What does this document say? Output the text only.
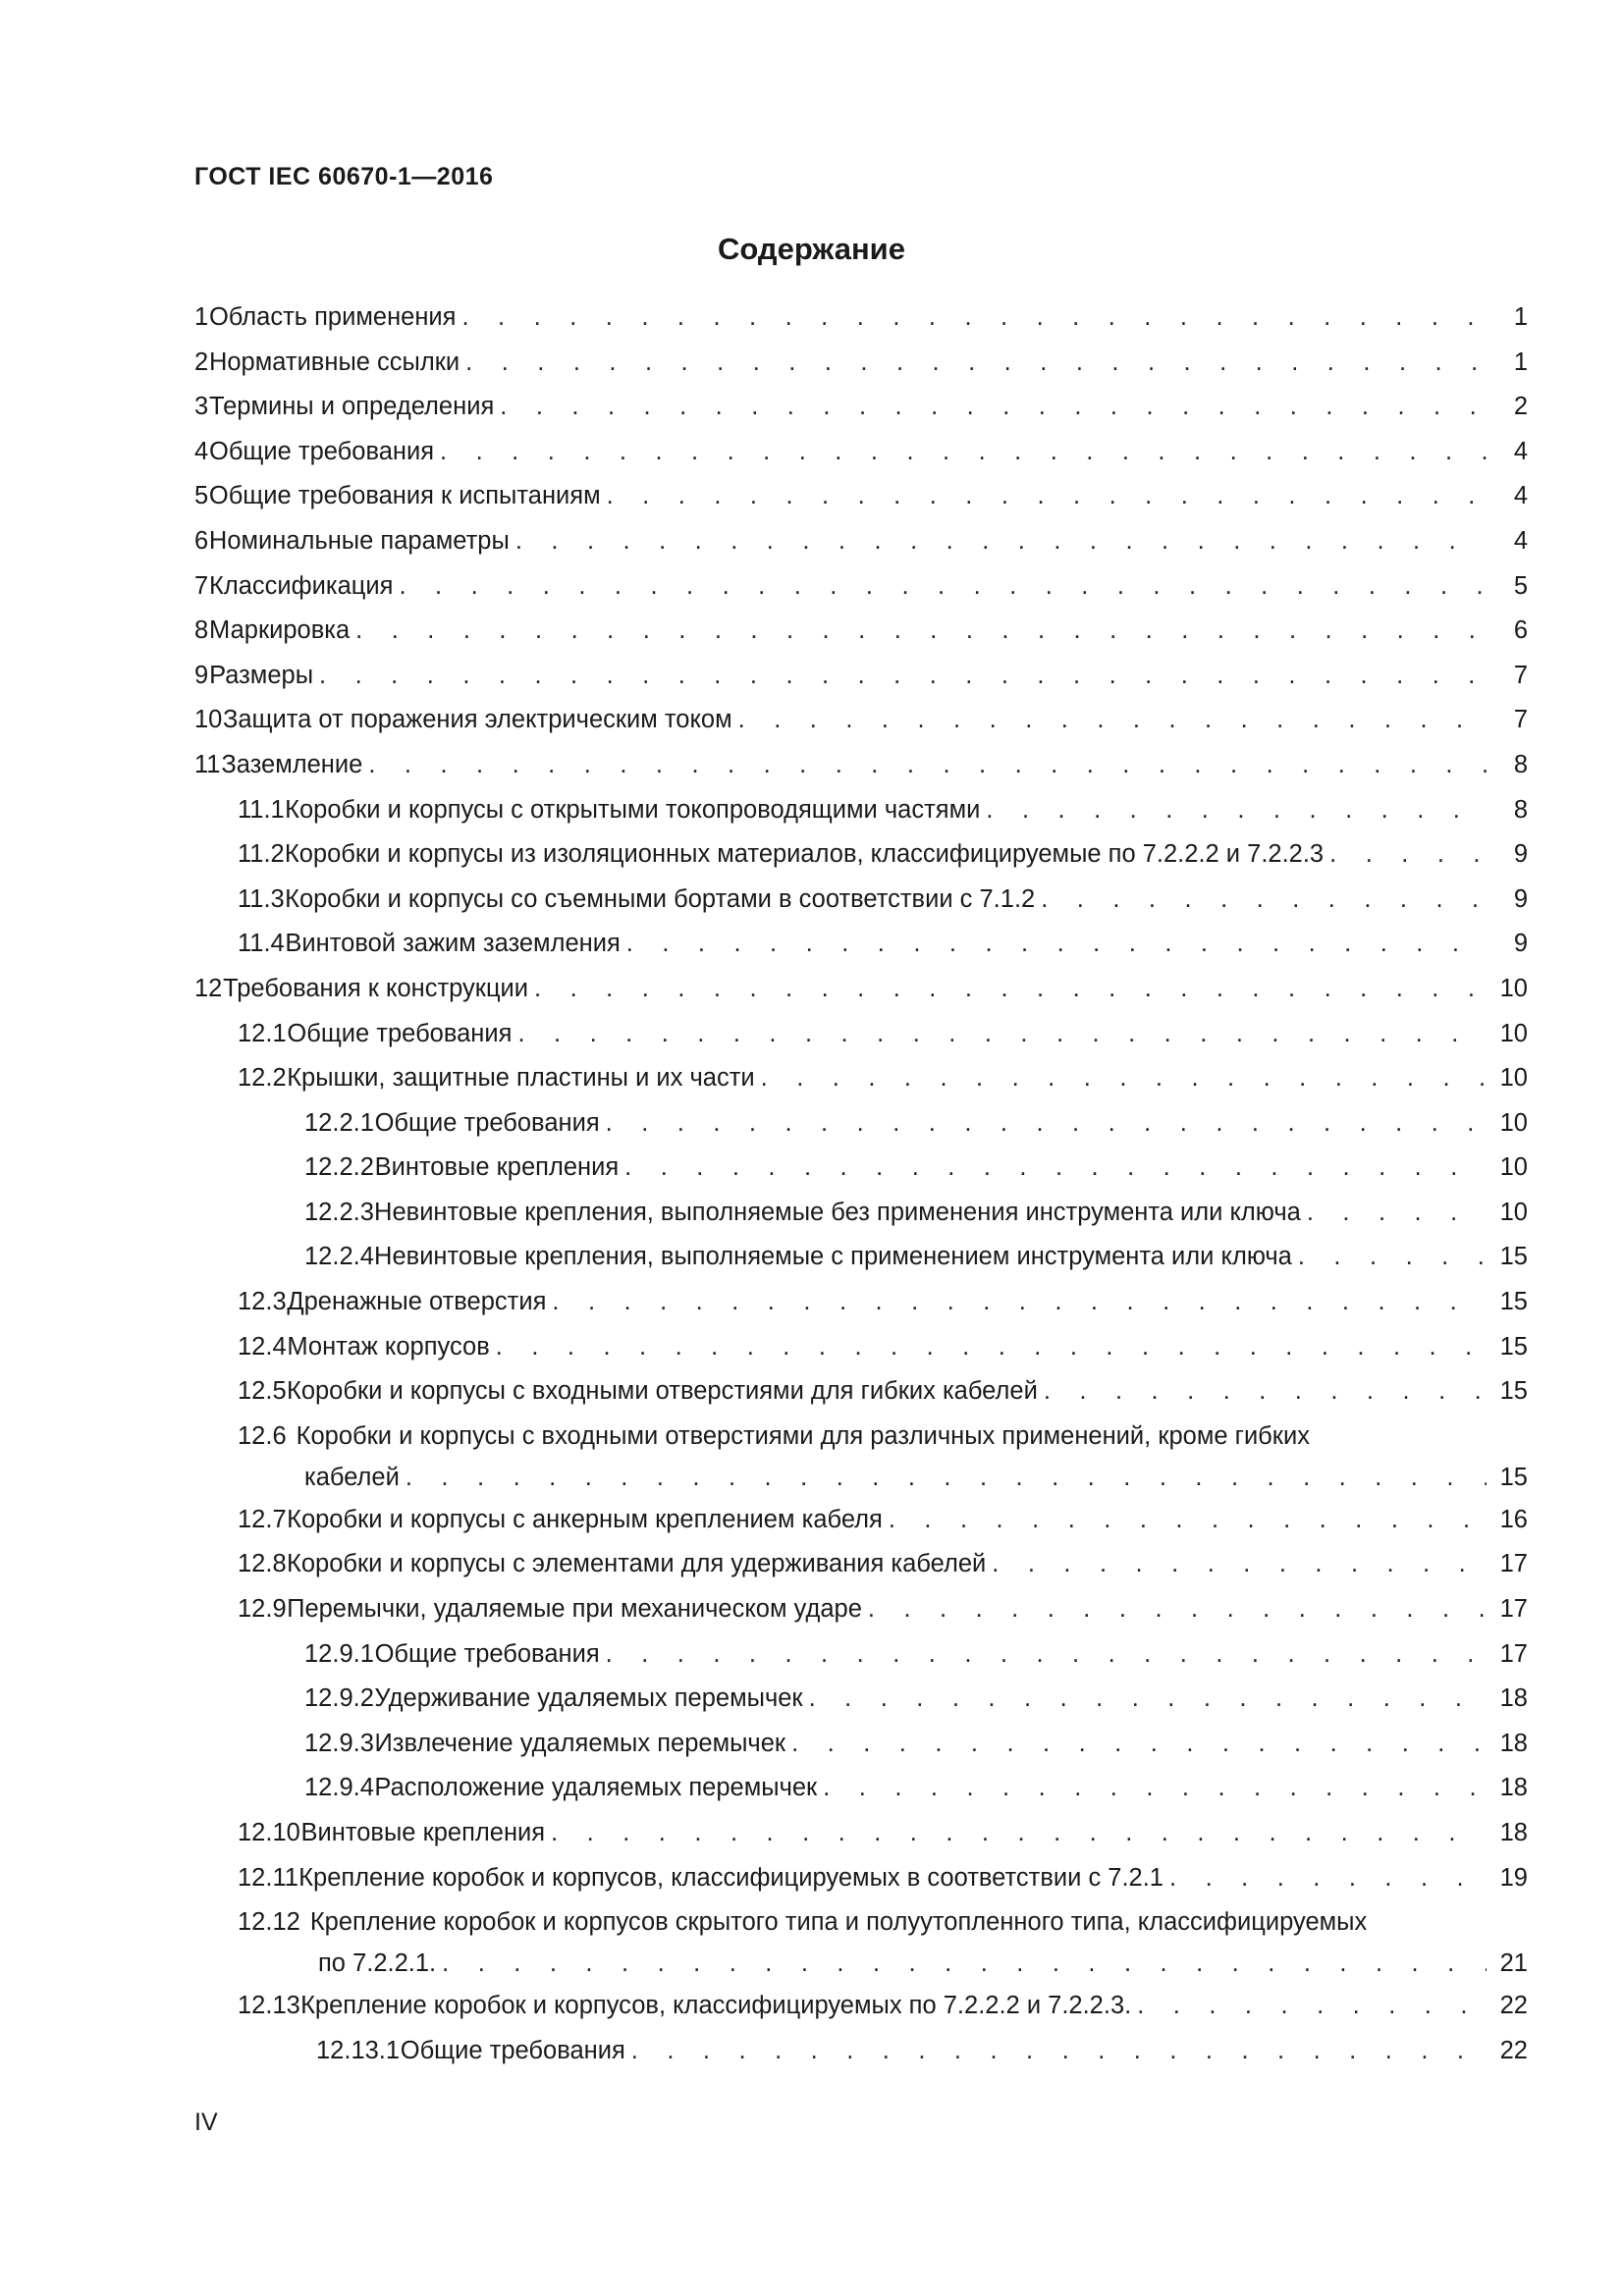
ГОСТ IEC 60670-1—2016
Содержание
1 Область применения . . .	1
2 Нормативные ссылки . . .	1
3 Термины и определения . . .	2
4 Общие требования . . .	4
5 Общие требования к испытаниям . . .	4
6 Номинальные параметры . . .	4
7 Классификация . . .	5
8 Маркировка . . .	6
9 Размеры . . .	7
10 Защита от поражения электрическим током . . .	7
11 Заземление . . .	8
11.1 Коробки и корпусы с открытыми токопроводящими частями . . .	8
11.2 Коробки и корпусы из изоляционных материалов, классифицируемые по 7.2.2.2 и 7.2.2.3 . . .	9
11.3 Коробки и корпусы со съемными бортами в соответствии с 7.1.2 . . .	9
11.4 Винтовой зажим заземления . . .	9
12 Требования к конструкции . . .	10
12.1 Общие требования . . .	10
12.2 Крышки, защитные пластины и их части . . .	10
12.2.1 Общие требования . . .	10
12.2.2 Винтовые крепления . . .	10
12.2.3 Невинтовые крепления, выполняемые без применения инструмента или ключа . . .	10
12.2.4 Невинтовые крепления, выполняемые с применением инструмента или ключа . . .	15
12.3 Дренажные отверстия . . .	15
12.4 Монтаж корпусов . . .	15
12.5 Коробки и корпусы с входными отверстиями для гибких кабелей . . .	15
12.6 Коробки и корпусы с входными отверстиями для различных применений, кроме гибких
кабелей . . .	15
12.7 Коробки и корпусы с анкерным креплением кабеля . . .	16
12.8 Коробки и корпусы с элементами для удерживания кабелей . . .	17
12.9 Перемычки, удаляемые при механическом ударе . . .	17
12.9.1 Общие требования . . .	17
12.9.2 Удерживание удаляемых перемычек . . .	18
12.9.3 Извлечение удаляемых перемычек . . .	18
12.9.4 Расположение удаляемых перемычек . . .	18
12.10 Винтовые крепления . . .	18
12.11 Крепление коробок и корпусов, классифицируемых в соответствии с 7.2.1 . . .	19
12.12 Крепление коробок и корпусов скрытого типа и полуутопленного типа, классифицируемых
по 7.2.2.1. . . .	21
12.13 Крепление коробок и корпусов, классифицируемых по 7.2.2.2 и 7.2.2.3. . . .	22
12.13.1 Общие требования . . .	22
IV
